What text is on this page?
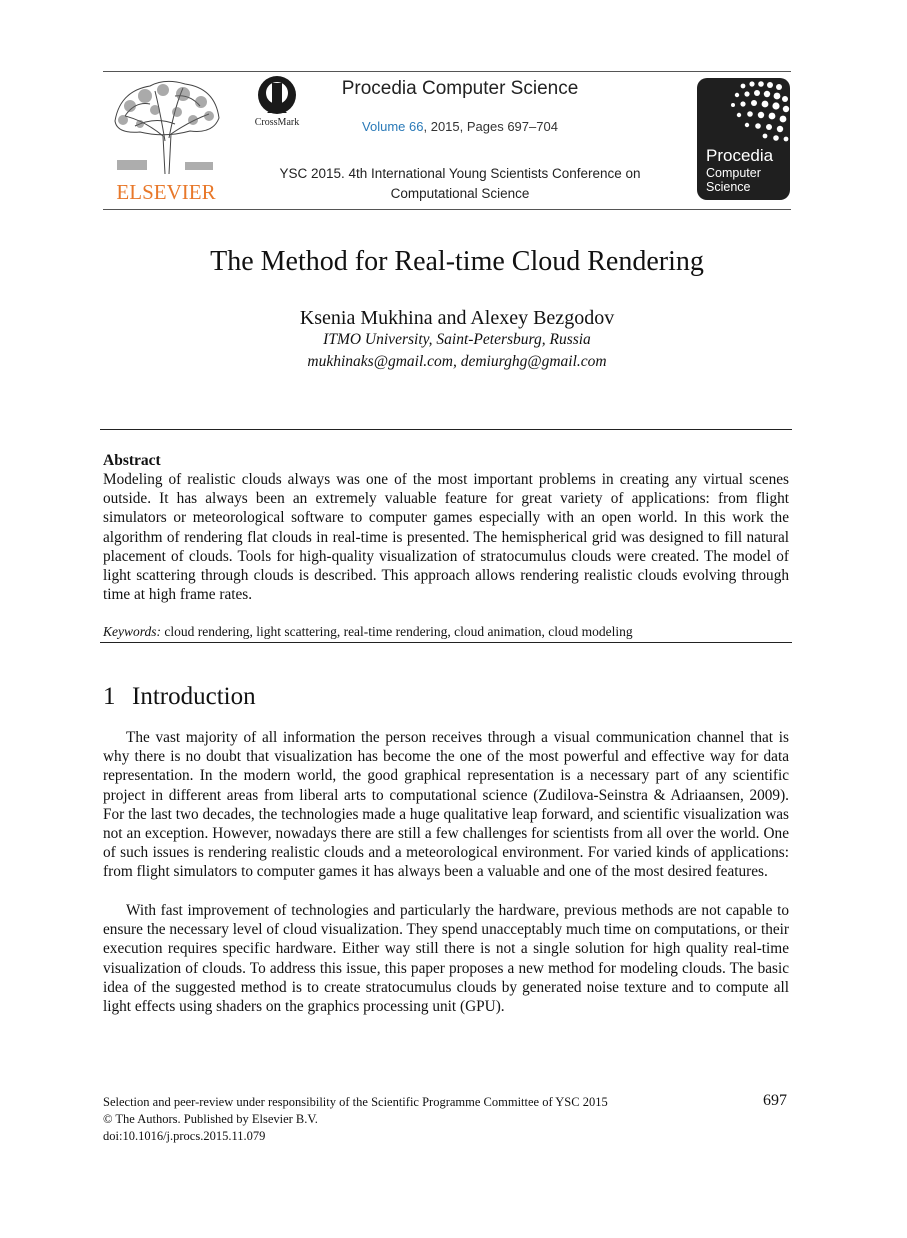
ELSEVIER
CrossMark
Procedia Computer Science
Volume 66, 2015, Pages 697–704
YSC 2015. 4th International Young Scientists Conference on
Computational Science
Procedia
Computer
Science
The Method for Real-time Cloud Rendering
Ksenia Mukhina and Alexey Bezgodov
ITMO University, Saint-Petersburg, Russia
mukhinaks@gmail.com, demiurghg@gmail.com
Abstract
Modeling of realistic clouds always was one of the most important problems in creating any virtual scenes outside. It has always been an extremely valuable feature for great variety of applications: from flight simulators or meteorological software to computer games especially with an open world. In this work the algorithm of rendering flat clouds in real-time is presented. The hemispherical grid was designed to fill natural placement of clouds. Tools for high-quality visualization of stratocumulus clouds were created. The model of light scattering through clouds is described. This approach allows rendering realistic clouds evolving through time at high frame rates.
Keywords: cloud rendering, light scattering, real-time rendering, cloud animation, cloud modeling
1 Introduction

The vast majority of all information the person receives through a visual communication channel that is why there is no doubt that visualization has become the one of the most powerful and effective way for data representation. In the modern world, the good graphical representation is a necessary part of any scientific project in different areas from liberal arts to computational science (Zudilova-Seinstra & Adriaansen, 2009). For the last two decades, the technologies made a huge qualitative leap forward, and scientific visualization was not an exception. However, nowadays there are still a few challenges for scientists from all over the world. One of such issues is rendering realistic clouds and a meteorological environment. For varied kinds of applications: from flight simulators to computer games it has always been a valuable and one of the most desired features.

With fast improvement of technologies and particularly the hardware, previous methods are not capable to ensure the necessary level of cloud visualization. They spend unacceptably much time on computations, or their execution requires specific hardware. Either way still there is not a single solution for high quality real-time visualization of clouds. To address this issue, this paper proposes a new method for modeling clouds. The basic idea of the suggested method is to create stratocumulus clouds by generated noise texture and to compute all light effects using shaders on the graphics processing unit (GPU).

Selection and peer-review under responsibility of the Scientific Programme Committee of YSC 2015
© The Authors. Published by Elsevier B.V.
doi:10.1016/j.procs.2015.11.079
697
